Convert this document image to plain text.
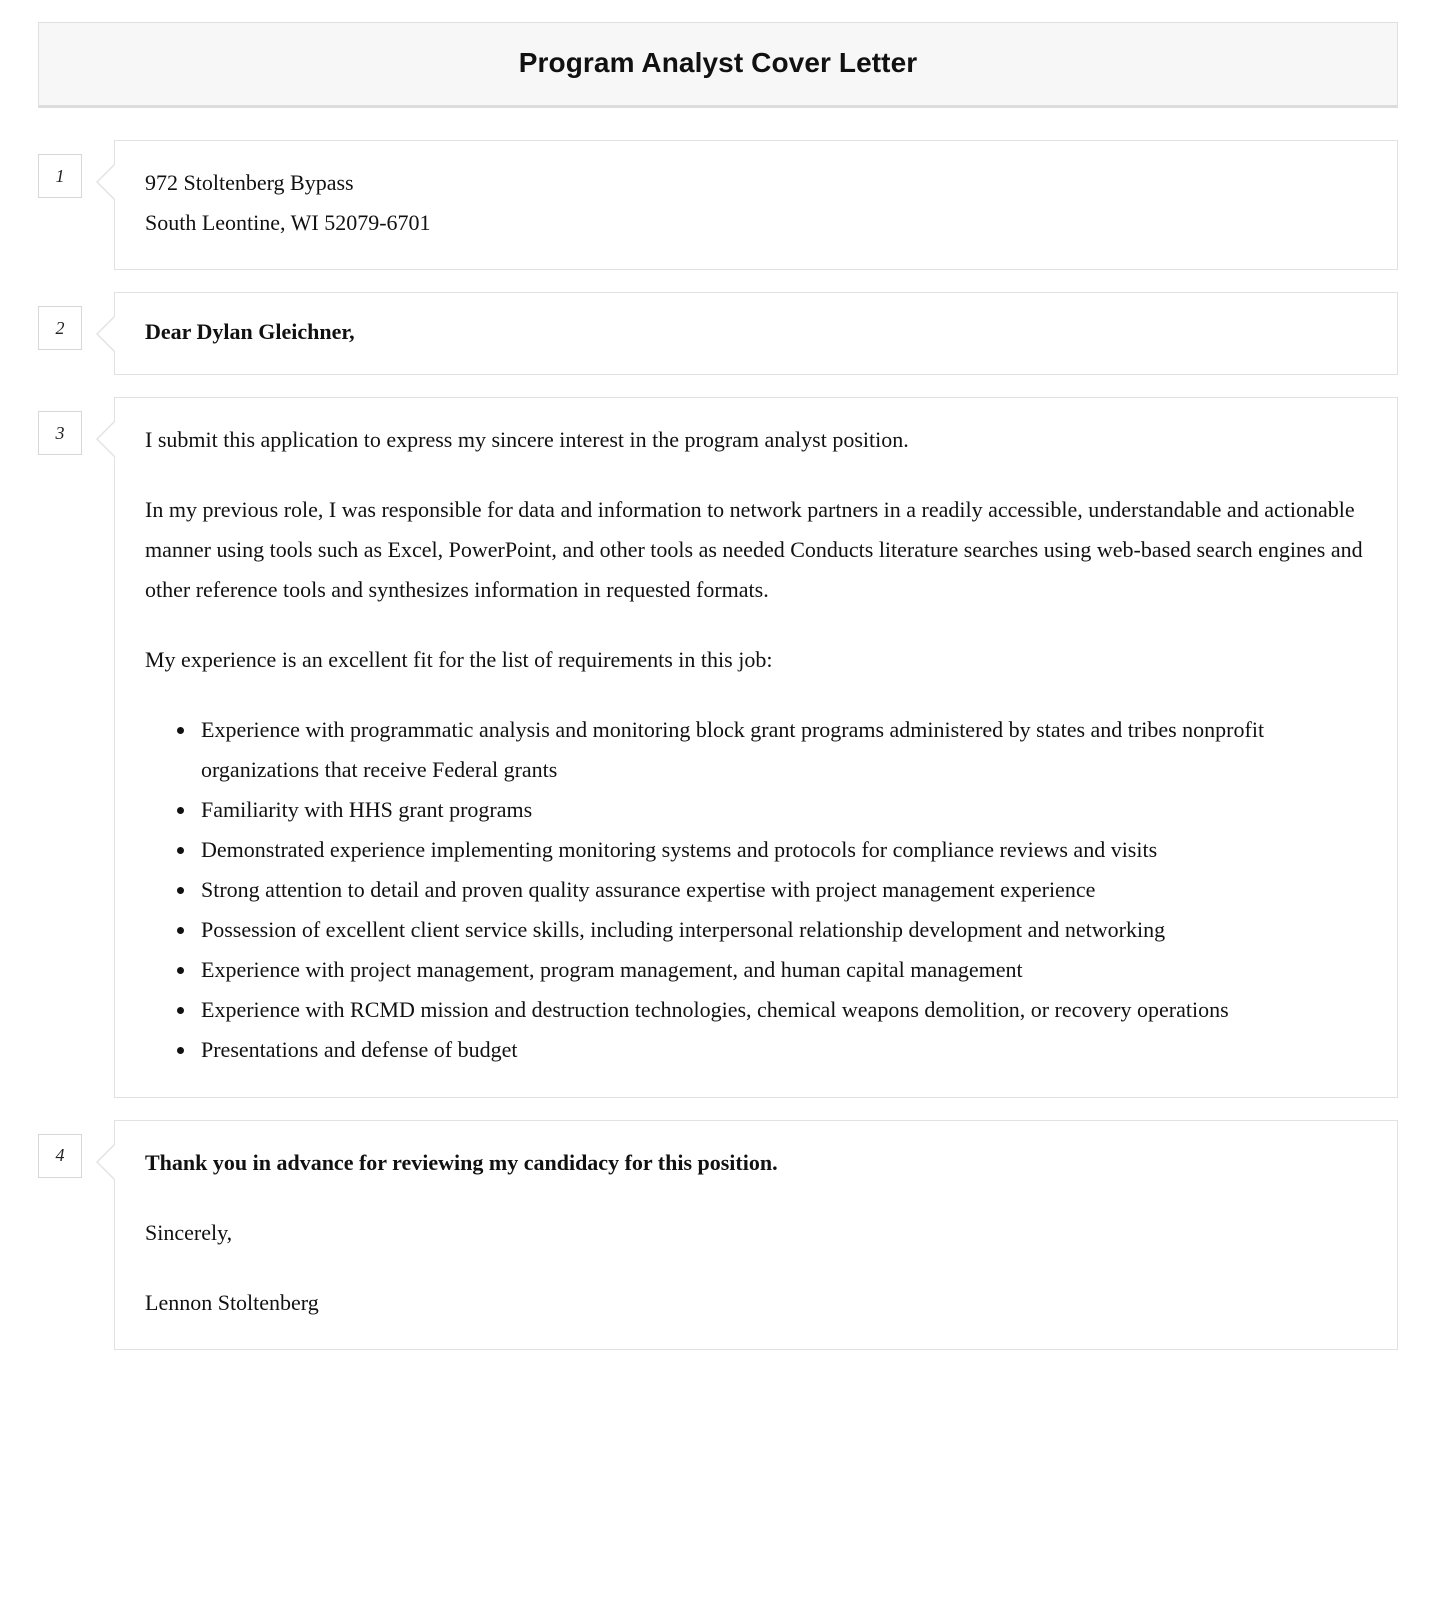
Program Analyst Cover Letter
1	972 Stoltenberg Bypass
South Leontine, WI 52079-6701
2	Dear Dylan Gleichner,
3	I submit this application to express my sincere interest in the program analyst position.

In my previous role, I was responsible for data and information to network partners in a readily accessible, understandable and actionable manner using tools such as Excel, PowerPoint, and other tools as needed Conducts literature searches using web-based search engines and other reference tools and synthesizes information in requested formats.

My experience is an excellent fit for the list of requirements in this job:

• Experience with programmatic analysis and monitoring block grant programs administered by states and tribes nonprofit organizations that receive Federal grants
• Familiarity with HHS grant programs
• Demonstrated experience implementing monitoring systems and protocols for compliance reviews and visits
• Strong attention to detail and proven quality assurance expertise with project management experience
• Possession of excellent client service skills, including interpersonal relationship development and networking
• Experience with project management, program management, and human capital management
• Experience with RCMD mission and destruction technologies, chemical weapons demolition, or recovery operations
• Presentations and defense of budget
4	Thank you in advance for reviewing my candidacy for this position.

Sincerely,

Lennon Stoltenberg
